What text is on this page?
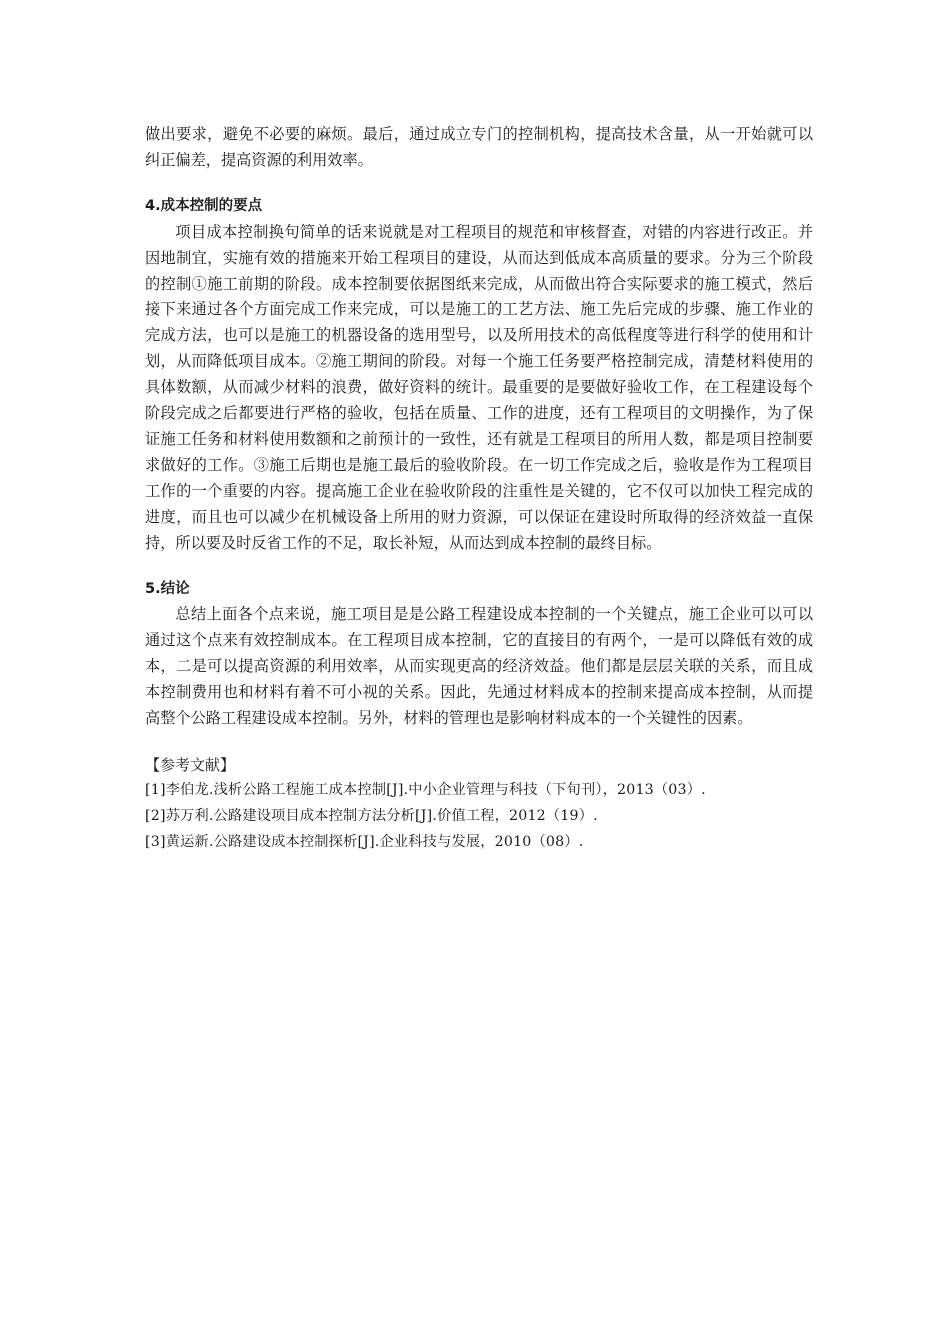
做出要求，避免不必要的麻烦。最后，通过成立专门的控制机构，提高技术含量，从一开始就可以纠正偏差，提高资源的利用效率。

4.成本控制的要点

项目成本控制换句简单的话来说就是对工程项目的规范和审核督查，对错的内容进行改正。并因地制宜，实施有效的措施来开始工程项目的建设，从而达到低成本高质量的要求。分为三个阶段的控制①施工前期的阶段。成本控制要依据图纸来完成，从而做出符合实际要求的施工模式，然后接下来通过各个方面完成工作来完成，可以是施工的工艺方法、施工先后完成的步骤、施工作业的完成方法，也可以是施工的机器设备的选用型号，以及所用技术的高低程度等进行科学的使用和计划，从而降低项目成本。②施工期间的阶段。对每一个施工任务要严格控制完成，清楚材料使用的具体数额，从而减少材料的浪费，做好资料的统计。最重要的是要做好验收工作，在工程建设每个阶段完成之后都要进行严格的验收，包括在质量、工作的进度，还有工程项目的文明操作，为了保证施工任务和材料使用数额和之前预计的一致性，还有就是工程项目的所用人数，都是项目控制要求做好的工作。③施工后期也是施工最后的验收阶段。在一切工作完成之后，验收是作为工程项目工作的一个重要的内容。提高施工企业在验收阶段的注重性是关键的，它不仅可以加快工程完成的进度，而且也可以减少在机械设备上所用的财力资源，可以保证在建设时所取得的经济效益一直保持，所以要及时反省工作的不足，取长补短，从而达到成本控制的最终目标。

5.结论

总结上面各个点来说，施工项目是是公路工程建设成本控制的一个关键点，施工企业可以可以通过这个点来有效控制成本。在工程项目成本控制，它的直接目的有两个，一是可以降低有效的成本，二是可以提高资源的利用效率，从而实现更高的经济效益。他们都是层层关联的关系，而且成本控制费用也和材料有着不可小视的关系。因此，先通过材料成本的控制来提高成本控制，从而提高整个公路工程建设成本控制。另外，材料的管理也是影响材料成本的一个关键性的因素。

【参考文献】

[1]李伯龙.浅析公路工程施工成本控制[J].中小企业管理与科技（下旬刊），2013（03）.
[2]苏万利.公路建设项目成本控制方法分析[J].价值工程，2012（19）.
[3]黄运新.公路建设成本控制探析[J].企业科技与发展，2010（08）.
